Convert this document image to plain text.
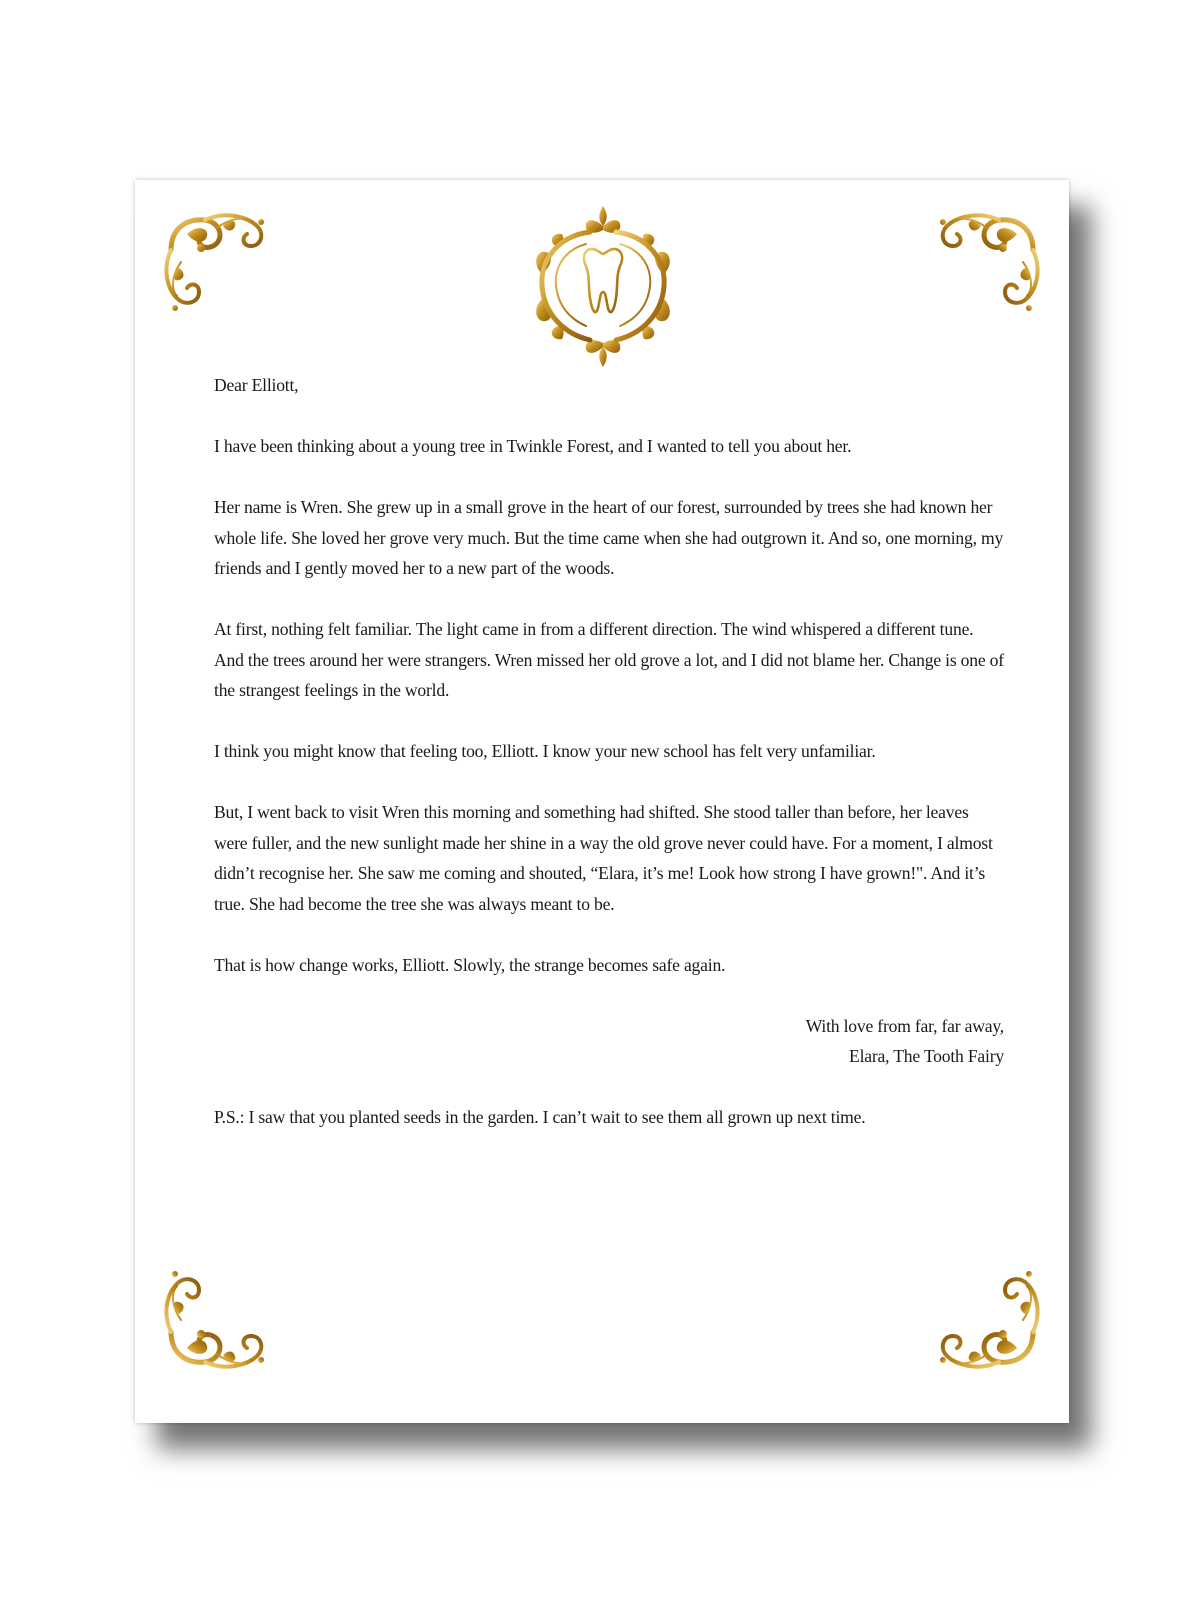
Dear Elliott,

I have been thinking about a young tree in Twinkle Forest, and I wanted to tell you about her.

Her name is Wren. She grew up in a small grove in the heart of our forest, surrounded by trees she had known her whole life. She loved her grove very much. But the time came when she had outgrown it. And so, one morning, my friends and I gently moved her to a new part of the woods.

At first, nothing felt familiar. The light came in from a different direction. The wind whispered a different tune. And the trees around her were strangers. Wren missed her old grove a lot, and I did not blame her. Change is one of the strangest feelings in the world.

I think you might know that feeling too, Elliott. I know your new school has felt very unfamiliar.

But, I went back to visit Wren this morning and something had shifted. She stood taller than before, her leaves were fuller, and the new sunlight made her shine in a way the old grove never could have. For a moment, I almost didn’t recognise her. She saw me coming and shouted, “Elara, it’s me! Look how strong I have grown!". And it’s true. She had become the tree she was always meant to be.

That is how change works, Elliott. Slowly, the strange becomes safe again.

With love from far, far away,
Elara, The Tooth Fairy

P.S.: I saw that you planted seeds in the garden. I can’t wait to see them all grown up next time.
